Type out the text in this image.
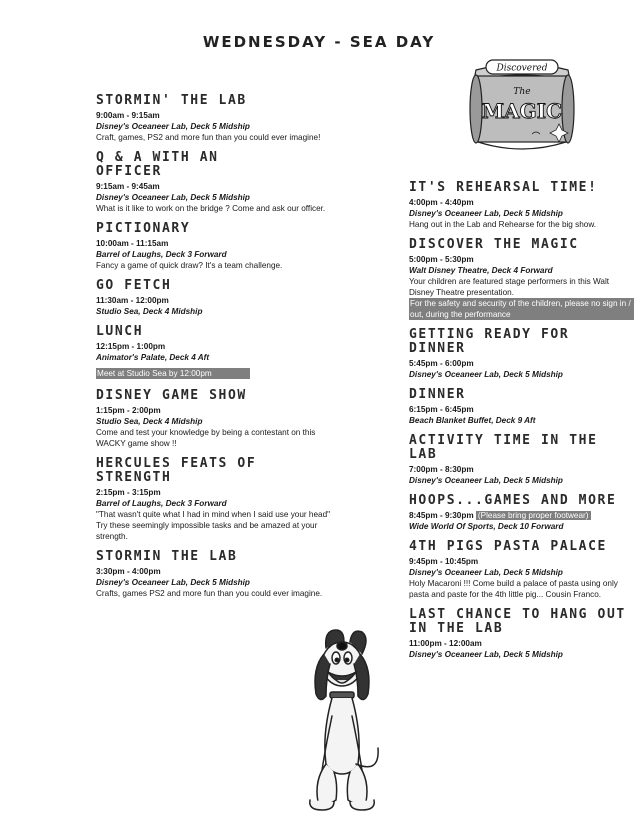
WEDNESDAY - SEA DAY
Discovered
The
MAGIC
STORMIN' THE LAB
9:00am - 9:15am
Disney's Oceaneer Lab, Deck 5 Midship
Craft, games, PS2 and more fun than you could ever imagine!
Q & A WITH AN OFFICER
9:15am - 9:45am
Disney's Oceaneer Lab, Deck 5 Midship
What is it like to work on the bridge ? Come and ask our officer.
PICTIONARY
10:00am - 11:15am
Barrel of Laughs, Deck 3 Forward
Fancy a game of quick draw? It's a team challenge.
GO FETCH
11:30am - 12:00pm
Studio Sea, Deck 4 Midship
LUNCH
12:15pm - 1:00pm
Animator's Palate, Deck 4 Aft
Meet at Studio Sea by 12:00pm
DISNEY GAME SHOW
1:15pm - 2:00pm
Studio Sea, Deck 4 Midship
Come and test your knowledge by being a contestant on this WACKY game show !!
HERCULES FEATS OF STRENGTH
2:15pm - 3:15pm
Barrel of Laughs, Deck 3 Forward
"That wasn't quite what I had in mind when I said use your head" Try these seemingly impossible tasks and be amazed at your strength.
STORMIN THE LAB
3:30pm - 4:00pm
Disney's Oceaneer Lab, Deck 5 Midship
Crafts, games PS2 and more fun than you could ever imagine.
IT'S REHEARSAL TIME!
4:00pm - 4:40pm
Disney's Oceaneer Lab, Deck 5 Midship
Hang out in the Lab and Rehearse for the big show.
DISCOVER THE MAGIC
5:00pm - 5:30pm
Walt Disney Theatre, Deck 4 Forward
Your children are featured stage performers in this Walt Disney Theatre presentation.
For the safety and security of the children, please no sign in / out, during the performance
GETTING READY FOR DINNER
5:45pm - 6:00pm
Disney's Oceaneer Lab, Deck 5 Midship
DINNER
6:15pm - 6:45pm
Beach Blanket Buffet, Deck 9 Aft
ACTIVITY TIME IN THE LAB
7:00pm - 8:30pm
Disney's Oceaneer Lab, Deck 5 Midship
HOOPS...GAMES AND MORE
8:45pm - 9:30pm (Please bring proper footwear)
Wide World Of Sports, Deck 10 Forward
4TH PIGS PASTA PALACE
9:45pm - 10:45pm
Disney's Oceaneer Lab, Deck 5 Midship
Holy Macaroni !!! Come build a palace of pasta using only pasta and paste for the 4th little pig... Cousin Franco.
LAST CHANCE TO HANG OUT IN THE LAB
11:00pm - 12:00am
Disney's Oceaneer Lab, Deck 5 Midship
